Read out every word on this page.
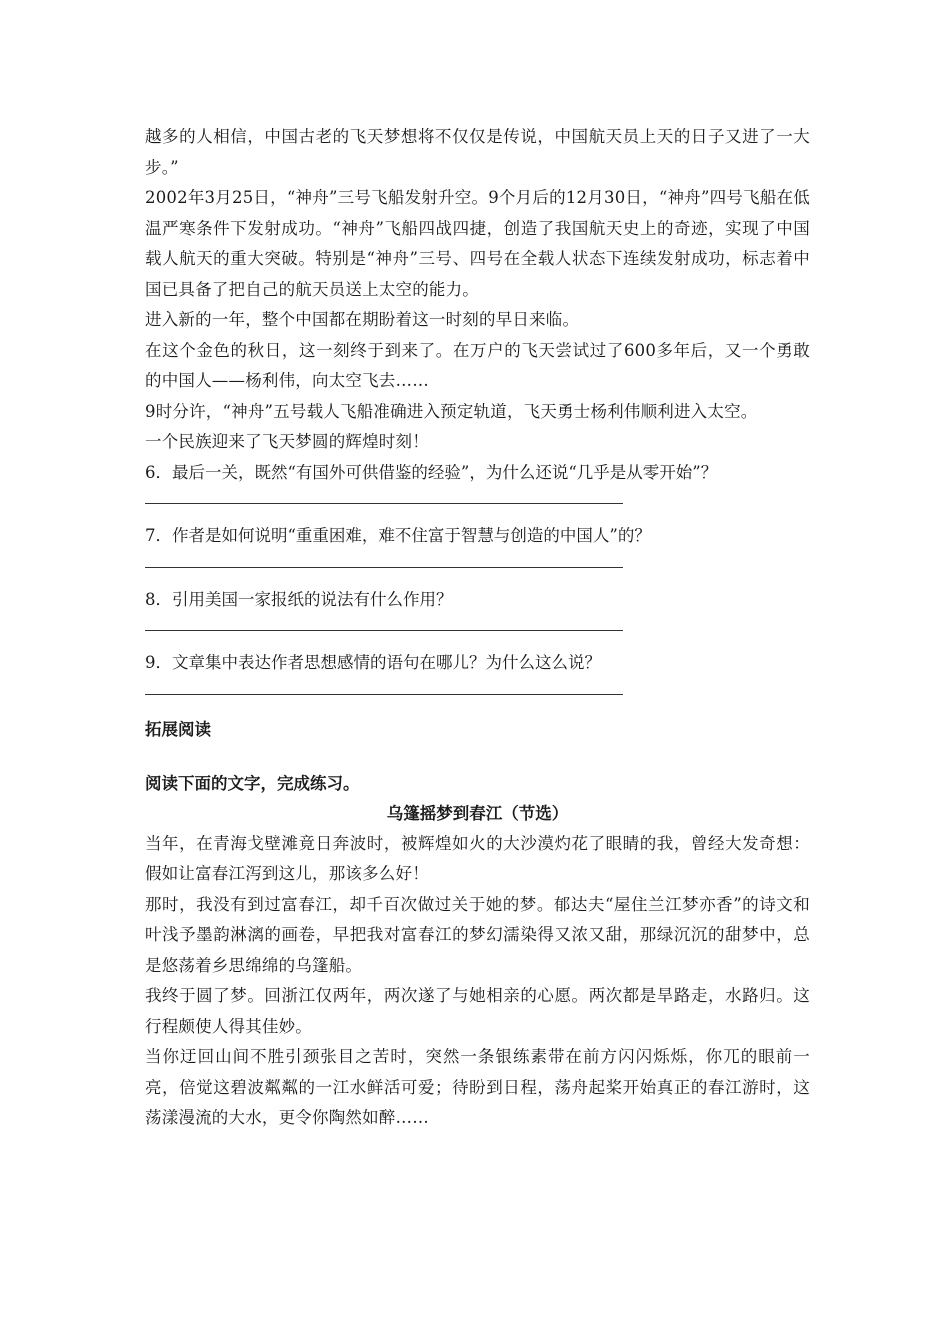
越多的人相信，中国古老的飞天梦想将不仅仅是传说，中国航天员上天的日子又进了一大步。”

2002年3月25日，“神舟”三号飞船发射升空。9个月后的12月30日，“神舟”四号飞船在低温严寒条件下发射成功。“神舟”飞船四战四捷，创造了我国航天史上的奇迹，实现了中国载人航天的重大突破。特别是“神舟”三号、四号在全载人状态下连续发射成功，标志着中国已具备了把自己的航天员送上太空的能力。

进入新的一年，整个中国都在期盼着这一时刻的早日来临。

在这个金色的秋日，这一刻终于到来了。在万户的飞天尝试过了600多年后，又一个勇敢的中国人——杨利伟，向太空飞去……

9时分许，“神舟”五号载人飞船准确进入预定轨道，飞天勇士杨利伟顺利进入太空。

一个民族迎来了飞天梦圆的辉煌时刻！

6．最后一关，既然“有国外可供借鉴的经验”，为什么还说“几乎是从零开始”？

7．作者是如何说明“重重困难，难不住富于智慧与创造的中国人”的？

8．引用美国一家报纸的说法有什么作用？

9．文章集中表达作者思想感情的语句在哪儿？为什么这么说？

拓展阅读

阅读下面的文字，完成练习。

乌篷摇梦到春江（节选）

当年，在青海戈壁滩竟日奔波时，被辉煌如火的大沙漠灼花了眼睛的我，曾经大发奇想：假如让富春江泻到这儿，那该多么好！

那时，我没有到过富春江，却千百次做过关于她的梦。郁达夫“屋住兰江梦亦香”的诗文和叶浅予墨韵淋漓的画卷，早把我对富春江的梦幻濡染得又浓又甜，那绿沉沉的甜梦中，总是悠荡着乡思绵绵的乌篷船。

我终于圆了梦。回浙江仅两年，两次遂了与她相亲的心愿。两次都是旱路走，水路归。这行程颇使人得其佳妙。

当你迂回山间不胜引颈张目之苦时，突然一条银练素带在前方闪闪烁烁，你兀的眼前一亮，倍觉这碧波粼粼的一江水鲜活可爱；待盼到日程，荡舟起桨开始真正的春江游时，这荡漾漫流的大水，更令你陶然如醉……
